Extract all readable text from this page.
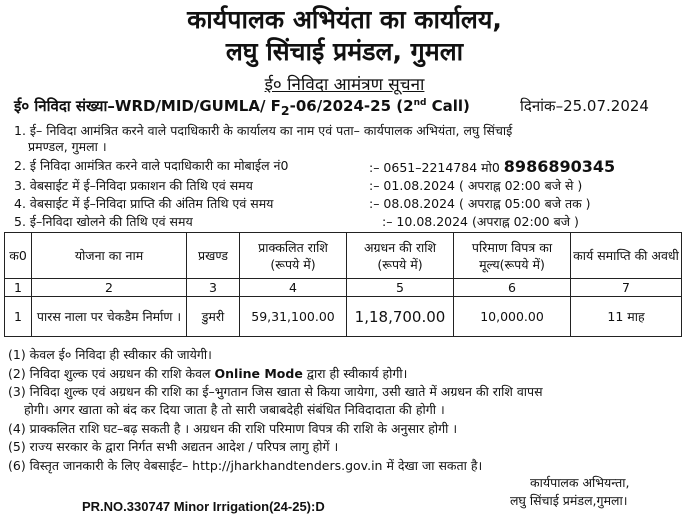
कार्यपालक अभियंता का कार्यालय,
लघु सिंचाई प्रमंडल, गुमला
ई० निविदा आमंत्रण सूचना
ई० निविदा संख्या–WRD/MID/GUMLA/ $F_2-06/2024-25$ (2nd Call)	दिनांक–25.07.2024
1. ई– निविदा आमंत्रित करने वाले पदाधिकारी के कार्यालय का नाम एवं पता– कार्यपालक अभियंता, लघु सिंचाई
प्रमण्डल, गुमला ।
2. ई निविदा आमंत्रित करने वाले पदाधिकारी का मोबाईल नं0	:– 0651–2214784 मो0 8986890345
3. वेबसाईट में ई–निविदा प्रकाशन की तिथि एवं समय	:– 01.08.2024 ( अपराह्न 02:00 बजे से )
4. वेबसाईट में ई–निविदा प्राप्ति की अंतिम तिथि एवं समय	:– 08.08.2024 ( अपराह्न 05:00 बजे तक )
5. ई–निविदा खोलने की तिथि एवं समय	:– 10.08.2024 (अपराह्न 02:00 बजे )
क0	योजना का नाम	प्रखण्ड	प्राक्कलित राशि (रूपये में)	अग्रधन की राशि (रूपये में)	परिमाण विपत्र का मूल्य(रूपये में)	कार्य समाप्ति की अवधी
1	2	3	4	5	6	7
1	पारस नाला पर चेकडैम निर्माण ।	डुमरी	59,31,100.00	1,18,700.00	10,000.00	11 माह
(1) केवल ई० निविदा ही स्वीकार की जायेगी।
(2) निविदा शुल्क एवं अग्रधन की राशि केवल Online Mode द्वारा ही स्वीकार्य होगी।
(3) निविदा शुल्क एवं अग्रधन की राशि का ई–भुगतान जिस खाता से किया जायेगा, उसी खाते में अग्रधन की राशि वापस
होगी। अगर खाता को बंद कर दिया जाता है तो सारी जबाबदेही संबंधित निविदादाता की होगी ।
(4) प्राक्कलित राशि घट–बढ़ सकती है । अग्रधन की राशि परिमाण विपत्र की राशि के अनुसार होगी ।
(5) राज्य सरकार के द्वारा निर्गत सभी अद्यतन आदेश / परिपत्र लागु होगें ।
(6) विस्तृत जानकारी के लिए वेबसाईट– http://jharkhandtenders.gov.in में देखा जा सकता है।
कार्यपालक अभियन्ता,
लघु सिंचाई प्रमंडल,गुमला।
PR.NO.330747 Minor Irrigation(24-25):D
